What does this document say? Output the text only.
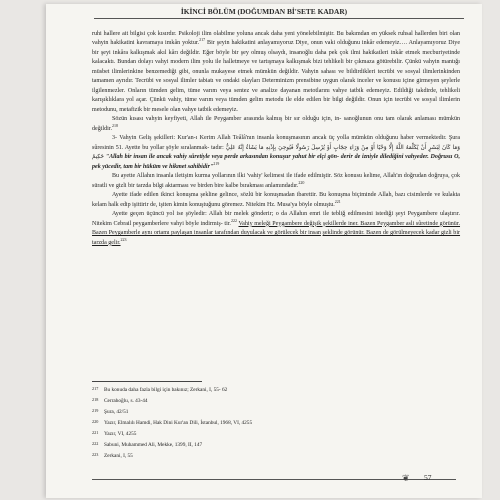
İKİNCİ BÖLÜM (DOĞUMDAN Bİ'SETE KADAR)

ruhi hallere ait bilgisi çok kısırdır. Psikoloji ilim olabilme yoluna ancak daha yeni yönelebilmiştir. Bu bakımdan en yüksek ruhsal hallerden biri olan vahyin hakikatini kavramaya imkân yoktur.$^{217}$ Bir şeyin hakikatini anlayamıyoruz Diye, onun vaki olduğunu inkâr edemeyiz…. Anlayamıyoruz Diye bir şeyi inkâra kalkışmak akıl kârı değildir. Eğer böyle bir şey olmuş olsaydı, insanoğlu daha pek çok ilmi hakikatleri inkâr etmek mecburiyetinde kalacaktı. Bundan dolayı vahyi modern ilim yolu ile halletmeye ve tartışmaya kalkışmak bizi tehlikeli bir çıkmaza götürebilir. Çünkü vahyin mantığı müsbet ilimlerinkine benzemediği gibi, onunla mukayese etmek mümkün değildir. Vahyin sahası ve bildirdikleri tecrübi ve sosyal ilimlerinkinden tamamen ayrıdır. Tecrübi ve sosyal ilimler tabiatı ve ondaki olayları Determinizm prensibine uygun olarak inceler ve konusu içine girmeyen şeylerle ilgilenmezler. Onların tümden gelim, tüme varım veya sentez ve analize dayanan metotlarını vahye tatbik edemeyiz. Edildiği takdirde, tehlikeli karışıklıklara yol açar. Çünkü vahiy, tüme varım veya tümden gelim metodu ile elde edilen bir bilgi değildir. Onun için tecrübi ve sosyal ilimlerin metodunu, metafizik bir mesele olan vahye tatbik edemeyiz.

Sözün kısası vahyin keyfiyeti, Allah ile Peygamber arasında kalmış bir sır olduğu için, in- sanoğlunun onu tam olarak anlaması mümkün değildir.$^{218}$

3- Vahyin Geliş şekilleri: Kur'an-ı Kerim Allah Teâlâ'nın insanla konuşmasının ancak üç yolla mümkün olduğunu haber vermektedir. Şura sûresinin 51. Ayette bu yollar şöyle sıralanmak- tadır: وَمَا كَانَ لِبَشَرٍ أَنْ يُكَلِّمَهُ اللَّهُ إِلَّا وَحْيًا أَوْ مِنْ وَرَاءِ حِجَابٍ أَوْ يُرْسِلَ رَسُولًا فَيُوحِيَ بِإِذْنِهِ مَا يَشَاءُ إِنَّهُ عَلِيٌّ حَكِيمٌ "Allah bir insan ile ancak vahiy sûretiyle veya perde arkasından konuşur yahut bir elçi gön- derir de izniyle dilediğini vahyeder. Doğrusu O, pek yücedir, tam bir hüküm ve hikmet sahibidir"$^{219}$

Bu ayette Allahın insanla iletişim kurma yollarının ilki 'vahiy' kelimesi ile ifade edilmiştir. Söz konusu kelime, Allah'ın doğrudan doğruya, çok süratli ve gizli bir tarzda bilgi aktarması ve birden bire kalbe bırakması anlamındadır.$^{220}$

Ayette ifade edilen ikinci konuşma şekline gelince, sözlü bir konuşmadan ibarettir. Bu konuşma biçiminde Allah, bazı cisimlerde ve kulakta kelam halk edip işittirir de, işiten kimin konuştuğunu göremez. Nitekim Hz. Musa'ya böyle olmuştu.$^{221}$

Ayette geçen üçüncü yol ise şöyledir: Allah bir melek gönderir; o da Allahın emri ile tebliğ edilmesini istediği şeyi Peygambere ulaştırır. Nitekim Cebrail peygamberlere vahyi böyle indirmiş- tir.$^{222}$ Vahiy meleği Peygambere değişik şekillerde iner. Bazen Peygamber asli sûretinde görünür. Bazen Peygamberle aynı ortamı paylaşan insanlar tarafından duyulacak ve görülecek bir insan şeklinde görünür. Bazen de görülmeyecek kadar gizli bir tarzda gelir.$^{223}$

217 Bu konuda daha fazla bilgi için bakınız; Zerkani, I, 55- 62
218 Cerrahoğlu, s. 43-44
219 Şura, 42/51
220 Yazır, Elmalılı Hamdi, Hak Dini Kur'an Dili, İstanbul, 1968, VI, 4255
221 Yazır, VI, 4255
222 Sabuni, Muhammed Ali, Mekke, 1399, II, 147
223 Zerkani, I, 55
❦ 57
